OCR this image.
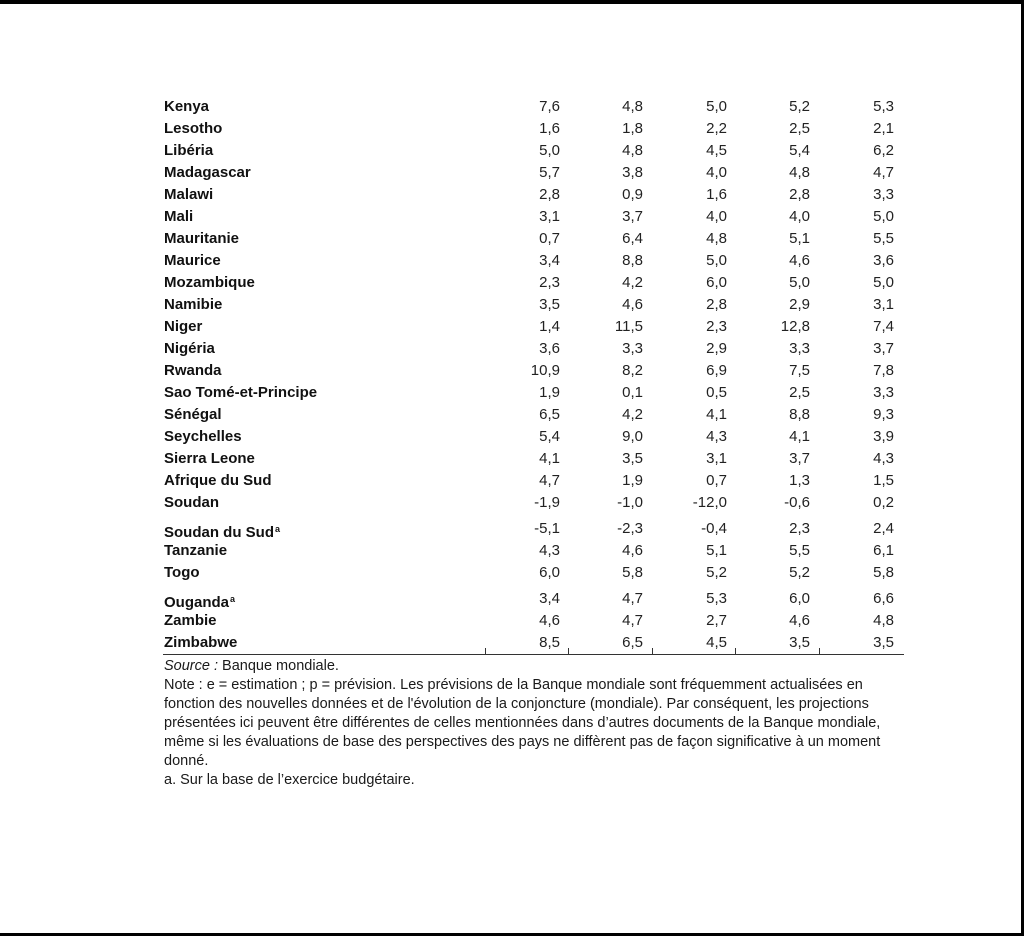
Kenya	7,6	4,8	5,0	5,2	5,3
Lesotho	1,6	1,8	2,2	2,5	2,1
Libéria	5,0	4,8	4,5	5,4	6,2
Madagascar	5,7	3,8	4,0	4,8	4,7
Malawi	2,8	0,9	1,6	2,8	3,3
Mali	3,1	3,7	4,0	4,0	5,0
Mauritanie	0,7	6,4	4,8	5,1	5,5
Maurice	3,4	8,8	5,0	4,6	3,6
Mozambique	2,3	4,2	6,0	5,0	5,0
Namibie	3,5	4,6	2,8	2,9	3,1
Niger	1,4	11,5	2,3	12,8	7,4
Nigéria	3,6	3,3	2,9	3,3	3,7
Rwanda	10,9	8,2	6,9	7,5	7,8
Sao Tomé-et-Principe	1,9	0,1	0,5	2,5	3,3
Sénégal	6,5	4,2	4,1	8,8	9,3
Seychelles	5,4	9,0	4,3	4,1	3,9
Sierra Leone	4,1	3,5	3,1	3,7	4,3
Afrique du Sud	4,7	1,9	0,7	1,3	1,5
Soudan	-1,9	-1,0	-12,0	-0,6	0,2
Soudan du Sud$^a$	-5,1	-2,3	-0,4	2,3	2,4
Tanzanie	4,3	4,6	5,1	5,5	6,1
Togo	6,0	5,8	5,2	5,2	5,8
Ouganda$^a$	3,4	4,7	5,3	6,0	6,6
Zambie	4,6	4,7	2,7	4,6	4,8
Zimbabwe	8,5	6,5	4,5	3,5	3,5

Source : Banque mondiale.

Note : e = estimation ; p = prévision. Les prévisions de la Banque mondiale sont fréquemment actualisées en fonction des nouvelles données et de l'évolution de la conjoncture (mondiale). Par conséquent, les projections présentées ici peuvent être différentes de celles mentionnées dans d’autres documents de la Banque mondiale, même si les évaluations de base des perspectives des pays ne diffèrent pas de façon significative à un moment donné.

a. Sur la base de l’exercice budgétaire.
